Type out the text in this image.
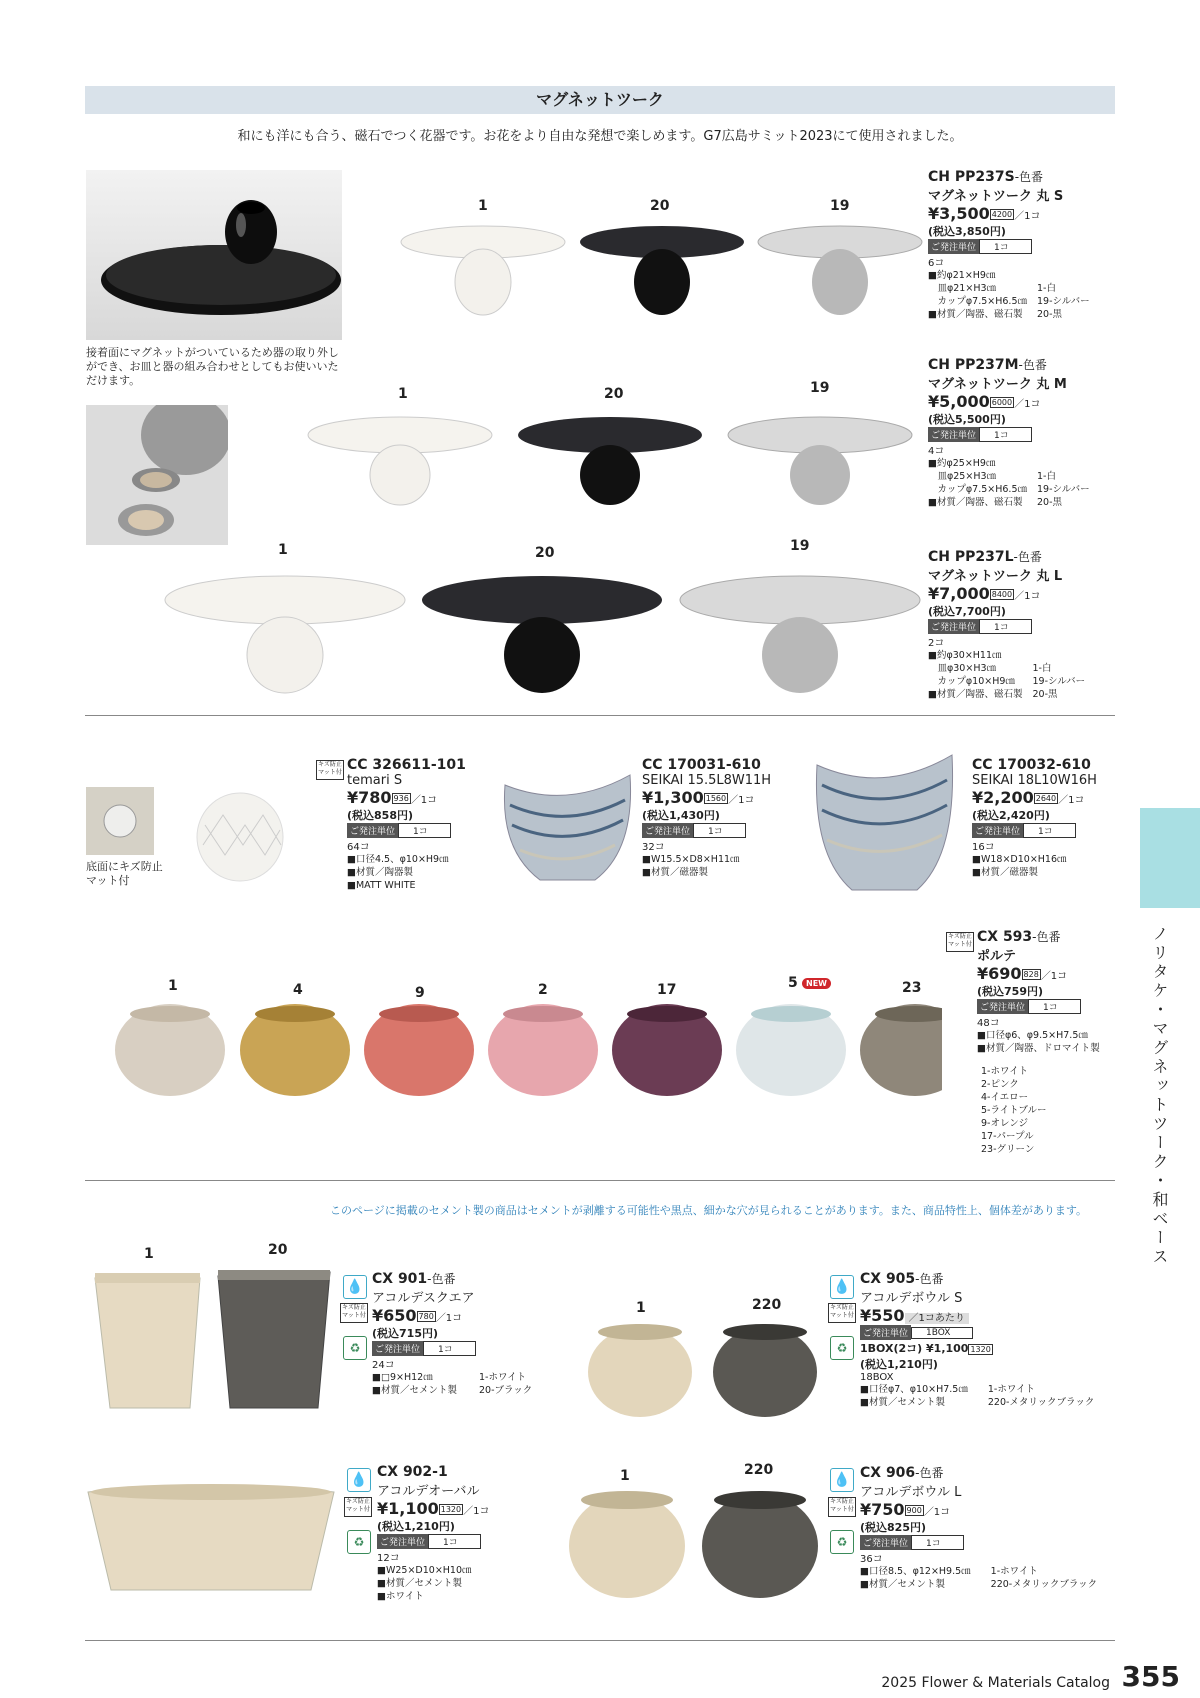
マグネットツーク
和にも洋にも合う、磁石でつく花器です。お花をより自由な発想で楽しめます。G7広島サミット2023にて使用されました。
ノリタケ・マグネットツーク・和ベース
接着面にマグネットがついているため器の取り外しができ、お皿と器の組み合わせとしてもお使いいただけます。
1	20	19
1	20	19
1	20	19
CH PP237S-色番
マグネットツーク 丸 S
¥3,500 4200 ／1コ
(税込3,850円)
ご発注単位	1コ
6コ
■約φ21×H9㎝
　皿φ21×H3㎝
　カップφ7.5×H6.5㎝
■材質／陶器、磁石製
1-白
19-シルバー
20-黒
CH PP237M-色番
マグネットツーク 丸 M
¥5,000 6000 ／1コ
(税込5,500円)
ご発注単位	1コ
4コ
■約φ25×H9㎝
　皿φ25×H3㎝
　カップφ7.5×H6.5㎝
■材質／陶器、磁石製
1-白
19-シルバー
20-黒
CH PP237L-色番
マグネットツーク 丸 L
¥7,000 8400 ／1コ
(税込7,700円)
ご発注単位	1コ
2コ
■約φ30×H11㎝
　皿φ30×H3㎝
　カップφ10×H9㎝
■材質／陶器、磁石製
1-白
19-シルバー
20-黒
底面にキズ防止マット付
キズ防止マット付 CC 326611-101
temari S
¥780 936 ／1コ
(税込858円)
ご発注単位	1コ
64コ
■口径4.5、φ10×H9㎝
■材質／陶器製
■MATT WHITE
CC 170031-610
SEIKAI 15.5L8W11H
¥1,300 1560 ／1コ
(税込1,430円)
ご発注単位	1コ
32コ
■W15.5×D8×H11㎝
■材質／磁器製
CC 170032-610
SEIKAI 18L10W16H
¥2,200 2640 ／1コ
(税込2,420円)
ご発注単位	1コ
16コ
■W18×D10×H16㎝
■材質／磁器製
キズ防止マット付 CX 593-色番
ポルテ
¥690 828 ／1コ
(税込759円)
ご発注単位	1コ
48コ
■口径φ6、φ9.5×H7.5㎝
■材質／陶器、ドロマイト製
1-ホワイト
2-ピンク
4-イエロー
5-ライトブルー
9-オレンジ
17-パープル
23-グリーン
1	4	9	2	17	5	NEW	23
このページに掲載のセメント製の商品はセメントが剥離する可能性や黒点、細かな穴が見られることがあります。また、商品特性上、個体差があります。
1	20
💧
キズ防止マット付
♻
CX 901-色番
アコルデスクエア
¥650 780 ／1コ
(税込715円)
ご発注単位	1コ
24コ
■□9×H12㎝
■材質／セメント製
1-ホワイト
20-ブラック
1	220
💧
キズ防止マット付
♻
CX 905-色番
アコルデボウル S
¥550 ／1コあたり
ご発注単位	1BOX
1BOX(2コ) ¥1,100 1320
(税込1,210円)
18BOX
■口径φ7、φ10×H7.5㎝
■材質／セメント製
1-ホワイト
220-メタリックブラック
💧
キズ防止マット付
♻
CX 902-1
アコルデオーバル
¥1,100 1320 ／1コ
(税込1,210円)
ご発注単位	1コ
12コ
■W25×D10×H10㎝
■材質／セメント製
■ホワイト
1	220
💧
キズ防止マット付
♻
CX 906-色番
アコルデボウル L
¥750 900 ／1コ
(税込825円)
ご発注単位	1コ
36コ
■口径8.5、φ12×H9.5㎝
■材質／セメント製
1-ホワイト
220-メタリックブラック
2025 Flower & Materials Catalog 355
